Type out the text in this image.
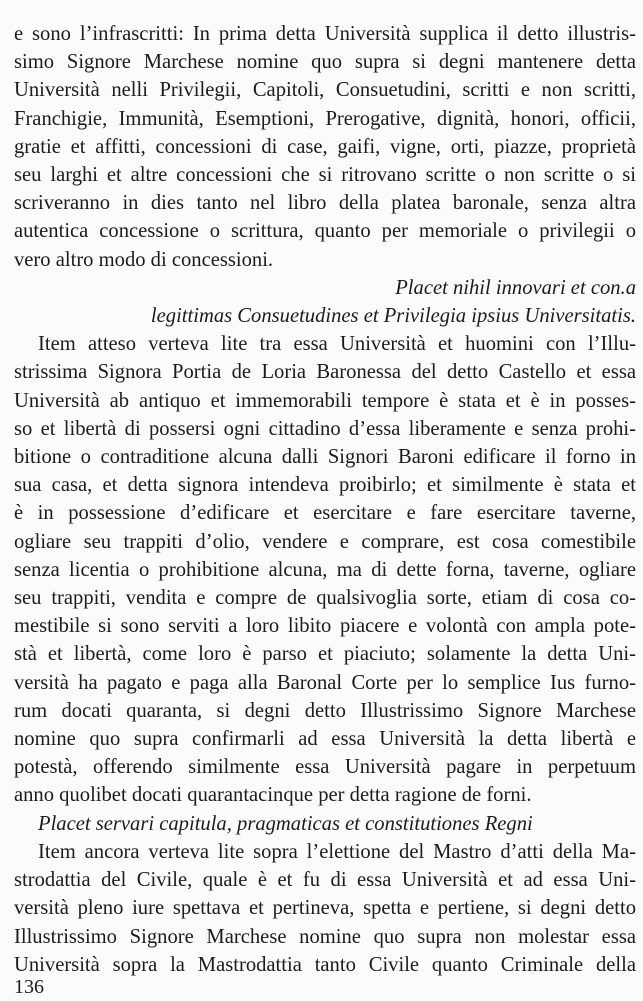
e sono l’infrascritti: In prima detta Università supplica il detto illustris-
simo Signore Marchese nomine quo supra si degni mantenere detta
Università nelli Privilegii, Capitoli, Consuetudini, scritti e non scritti,
Franchigie, Immunità, Esemptioni, Prerogative, dignità, honori, officii,
gratie et affitti, concessioni di case, gaifi, vigne, orti, piazze, proprietà
seu larghi et altre concessioni che si ritrovano scritte o non scritte o si
scriveranno in dies tanto nel libro della platea baronale, senza altra
autentica concessione o scrittura, quanto per memoriale o privilegii o
vero altro modo di concessioni.
Placet nihil innovari et con.a
legittimas Consuetudines et Privilegia ipsius Universitatis.
Item atteso verteva lite tra essa Università et huomini con l’Illu-
strissima Signora Portia de Loria Baronessa del detto Castello et essa
Università ab antiquo et immemorabili tempore è stata et è in posses-
so et libertà di possersi ogni cittadino d’essa liberamente e senza prohi-
bitione o contraditione alcuna dalli Signori Baroni edificare il forno in
sua casa, et detta signora intendeva proibirlo; et similmente è stata et
è in possessione d’edificare et esercitare e fare esercitare taverne,
ogliare seu trappiti d’olio, vendere e comprare, est cosa comestibile
senza licentia o prohibitione alcuna, ma di dette forna, taverne, ogliare
seu trappiti, vendita e compre de qualsivoglia sorte, etiam di cosa co-
mestibile si sono serviti a loro libito piacere e volontà con ampla pote-
stà et libertà, come loro è parso et piaciuto; solamente la detta Uni-
versità ha pagato e paga alla Baronal Corte per lo semplice Ius furno-
rum docati quaranta, si degni detto Illustrissimo Signore Marchese
nomine quo supra confirmarli ad essa Università la detta libertà e
potestà, offerendo similmente essa Università pagare in perpetuum
anno quolibet docati quarantacinque per detta ragione de forni.
Placet servari capitula, pragmaticas et constitutiones Regni
Item ancora verteva lite sopra l’elettione del Mastro d’atti della Ma-
strodattia del Civile, quale è et fu di essa Università et ad essa Uni-
versità pleno iure spettava et pertineva, spetta e pertiene, si degni detto
Illustrissimo Signore Marchese nomine quo supra non molestar essa
Università sopra la Mastrodattia tanto Civile quanto Criminale della
136
